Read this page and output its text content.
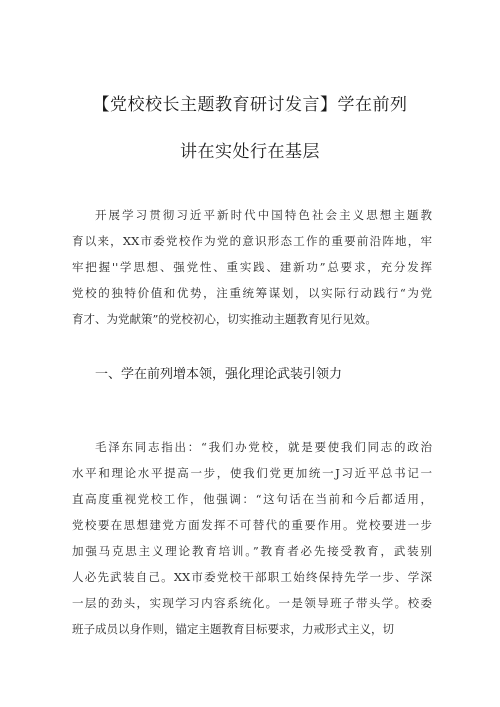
【党校校长主题教育研讨发言】学在前列
讲在实处行在基层
开展学习贯彻习近平新时代中国特色社会主义思想主题教
育以来，XX市委党校作为党的意识形态工作的重要前沿阵地，牢
牢把握''学思想、强党性、重实践、建新功”总要求，充分发挥
党校的独特价值和优势，注重统筹谋划，以实际行动践行“为党
育才、为党献策”的党校初心，切实推动主题教育见行见效。
一、学在前列增本领，强化理论武装引领力
毛泽东同志指出：“我们办党校，就是要使我们同志的政治
水平和理论水平提高一步，使我们党更加统一J习近平总书记一
直高度重视党校工作，他强调：“这句话在当前和今后都适用，
党校要在思想建党方面发挥不可替代的重要作用。党校要进一步
加强马克思主义理论教育培训。”教育者必先接受教育，武装别
人必先武装自己。XX市委党校干部职工始终保持先学一步、学深
一层的劲头，实现学习内容系统化。一是领导班子带头学。校委
班子成员以身作则，锚定主题教育目标要求，力戒形式主义，切
